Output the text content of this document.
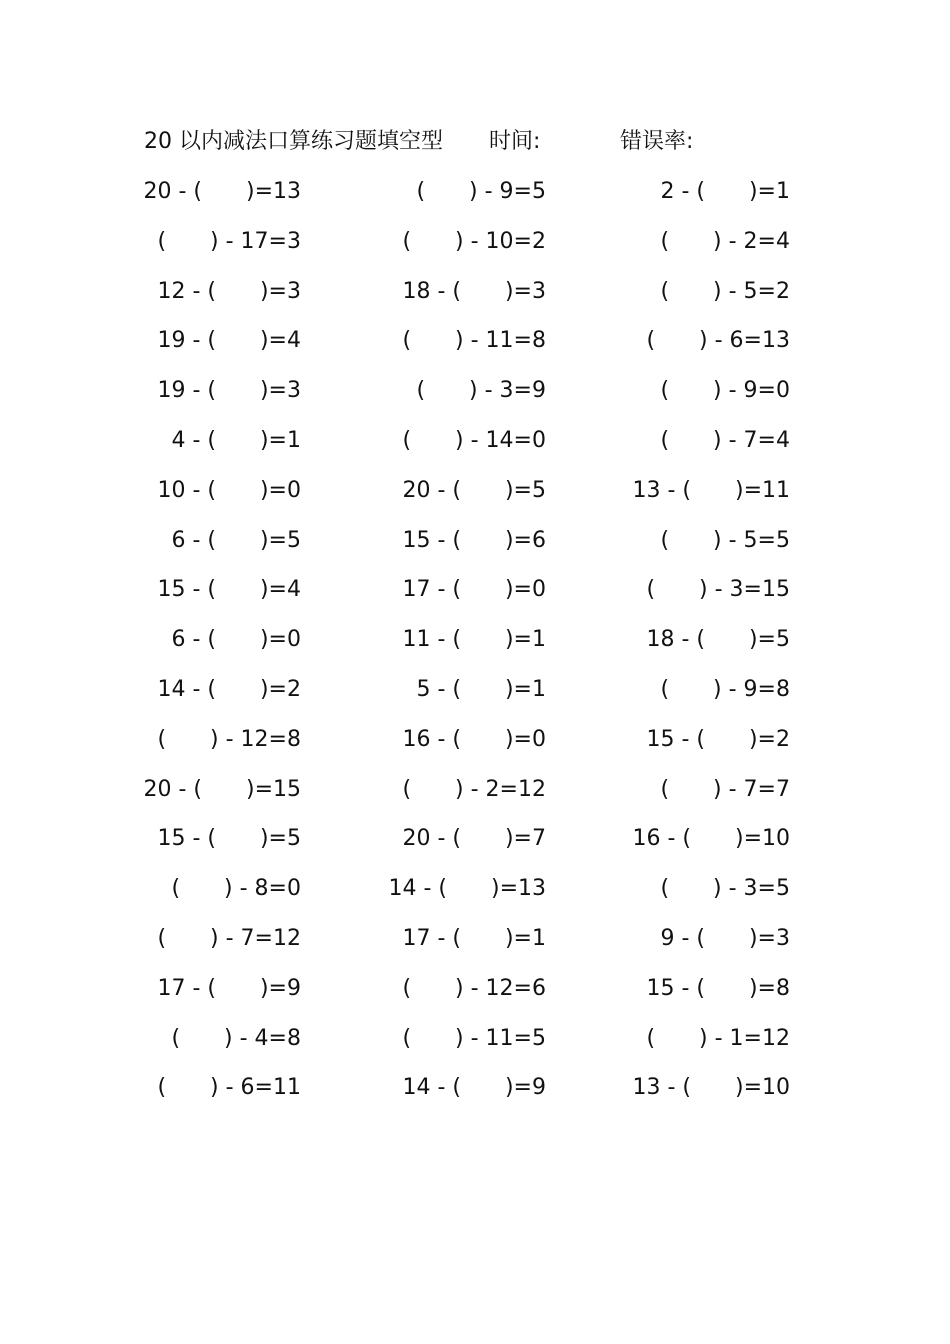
20 以内减法口算练习题填空型 时间:	错误率:
20 - (　　)=13	(　　) - 9=5	2 - (　　)=1
(　　) - 17=3	(　　) - 10=2	(　　) - 2=4
12 - (　　)=3	18 - (　　)=3	(　　) - 5=2
19 - (　　)=4	(　　) - 11=8	(　　) - 6=13
19 - (　　)=3	(　　) - 3=9	(　　) - 9=0
4 - (　　)=1	(　　) - 14=0	(　　) - 7=4
10 - (　　)=0	20 - (　　)=5	13 - (　　)=11
6 - (　　)=5	15 - (　　)=6	(　　) - 5=5
15 - (　　)=4	17 - (　　)=0	(　　) - 3=15
6 - (　　)=0	11 - (　　)=1	18 - (　　)=5
14 - (　　)=2	5 - (　　)=1	(　　) - 9=8
(　　) - 12=8	16 - (　　)=0	15 - (　　)=2
20 - (　　)=15	(　　) - 2=12	(　　) - 7=7
15 - (　　)=5	20 - (　　)=7	16 - (　　)=10
(　　) - 8=0	14 - (　　)=13	(　　) - 3=5
(　　) - 7=12	17 - (　　)=1	9 - (　　)=3
17 - (　　)=9	(　　) - 12=6	15 - (　　)=8
(　　) - 4=8	(　　) - 11=5	(　　) - 1=12
(　　) - 6=11	14 - (　　)=9	13 - (　　)=10
